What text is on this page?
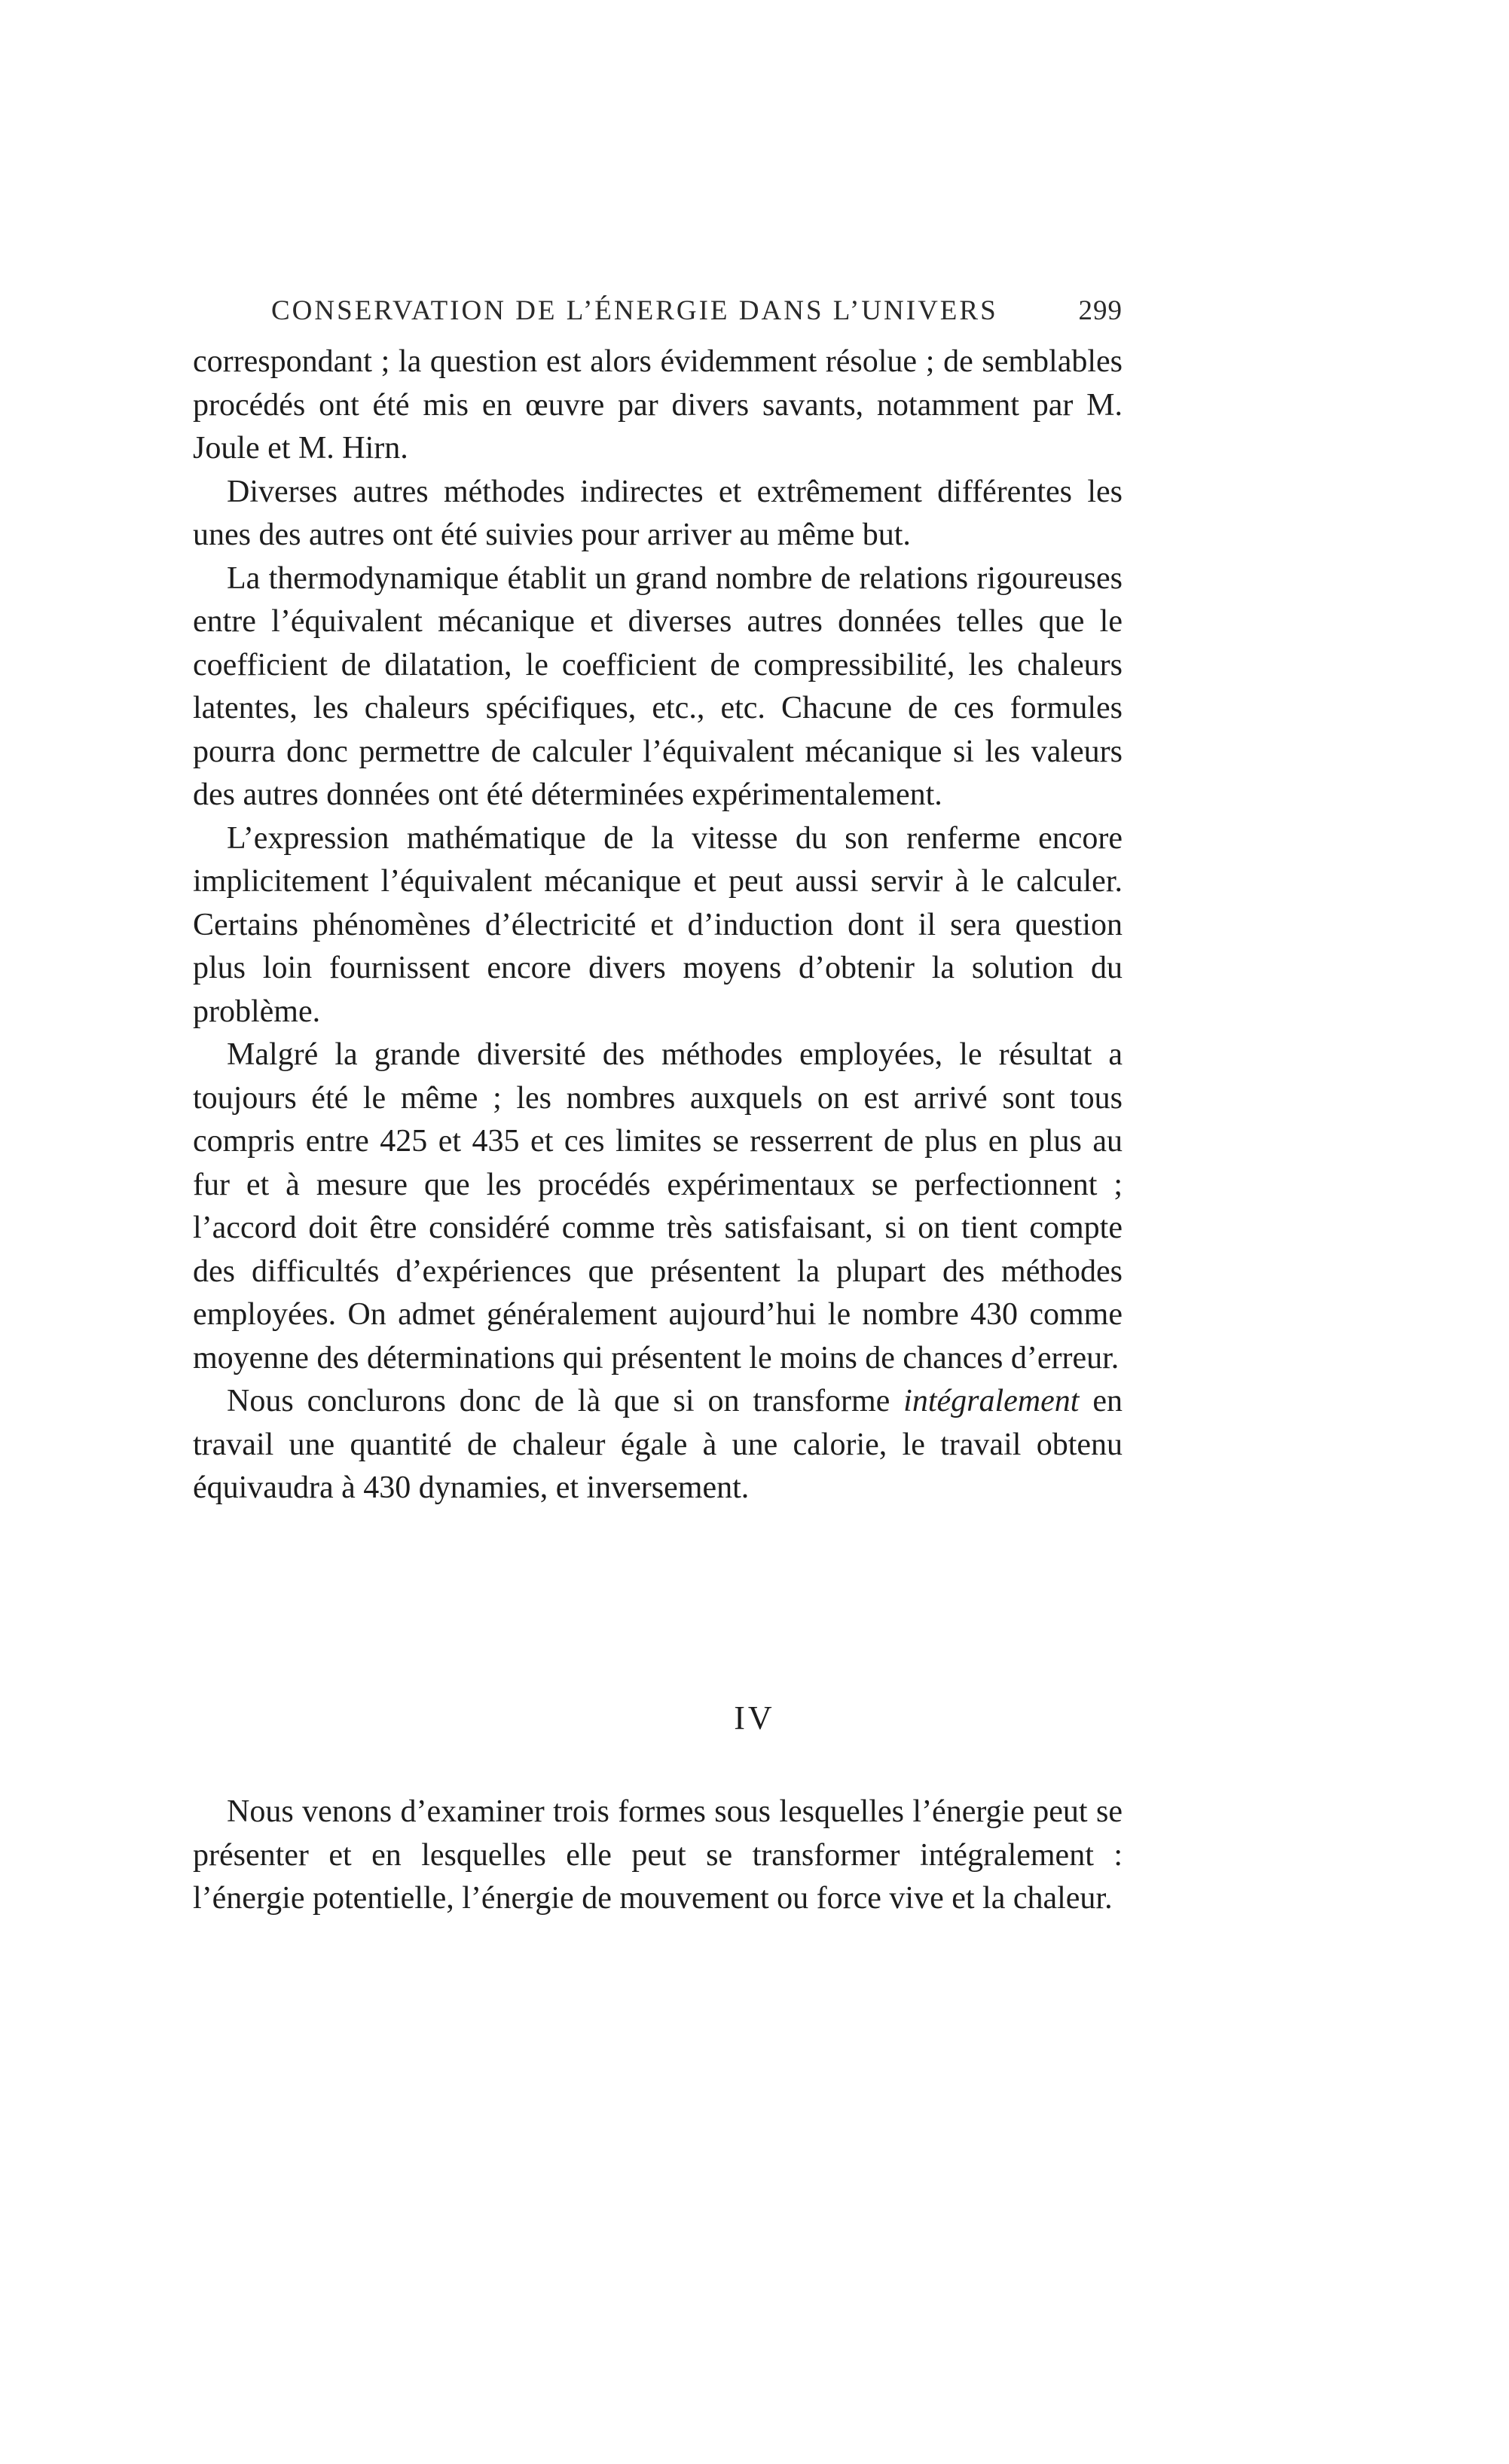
CONSERVATION DE L’ÉNERGIE DANS L’UNIVERS	299

correspondant ; la question est alors évidemment résolue ; de semblables procédés ont été mis en œuvre par divers savants, notamment par M. Joule et M. Hirn.

Diverses autres méthodes indirectes et extrêmement différentes les unes des autres ont été suivies pour arriver au même but.

La thermodynamique établit un grand nombre de relations rigoureuses entre l’équivalent mécanique et diverses autres données telles que le coefficient de dilatation, le coefficient de compressibilité, les chaleurs latentes, les chaleurs spécifiques, etc., etc. Chacune de ces formules pourra donc permettre de calculer l’équivalent mécanique si les valeurs des autres données ont été déterminées expérimentalement.

L’expression mathématique de la vitesse du son renferme encore implicitement l’équivalent mécanique et peut aussi servir à le calculer. Certains phénomènes d’électricité et d’induction dont il sera question plus loin fournissent encore divers moyens d’obtenir la solution du problème.

Malgré la grande diversité des méthodes employées, le résultat a toujours été le même ; les nombres auxquels on est arrivé sont tous compris entre 425 et 435 et ces limites se resserrent de plus en plus au fur et à mesure que les procédés expérimentaux se perfectionnent ; l’accord doit être considéré comme très satisfaisant, si on tient compte des difficultés d’expériences que présentent la plupart des méthodes employées. On admet généralement aujourd’hui le nombre 430 comme moyenne des déterminations qui présentent le moins de chances d’erreur.

Nous conclurons donc de là que si on transforme intégralement en travail une quantité de chaleur égale à une calorie, le travail obtenu équivaudra à 430 dynamies, et inversement.

IV

Nous venons d’examiner trois formes sous lesquelles l’énergie peut se présenter et en lesquelles elle peut se transformer intégralement : l’énergie potentielle, l’énergie de mouvement ou force vive et la chaleur.
